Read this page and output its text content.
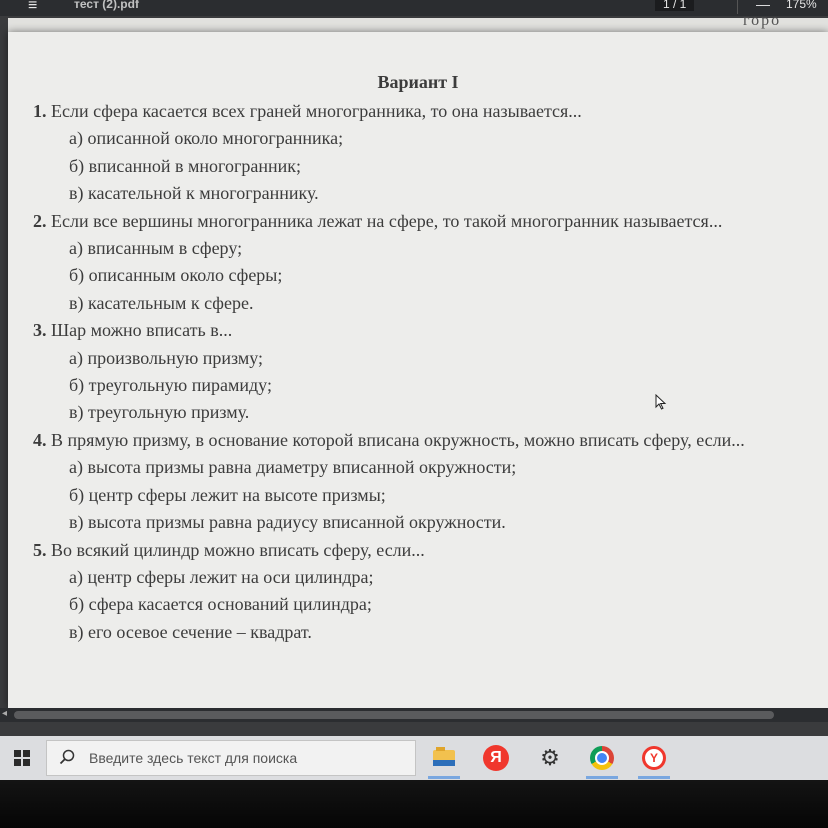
≡	тест (2).pdf	1 / 1	— 175%
горо
Вариант I
1. Если сфера касается всех граней многогранника, то она называется...
а) описанной около многогранника;
б) вписанной в многогранник;
в) касательной к многограннику.
2. Если все вершины многогранника лежат на сфере, то такой многогранник называется...
а) вписанным в сферу;
б) описанным около сферы;
в) касательным к сфере.
3. Шар можно вписать в...
а) произвольную призму;
б) треугольную пирамиду;
в) треугольную призму.
4. В прямую призму, в основание которой вписана окружность, можно вписать сферу, если...
а) высота призмы равна диаметру вписанной окружности;
б) центр сферы лежит на высоте призмы;
в) высота призмы равна радиусу вписанной окружности.
5. Во всякий цилиндр можно вписать сферу, если...
а) центр сферы лежит на оси цилиндра;
б) сфера касается оснований цилиндра;
в) его осевое сечение – квадрат.
◂
Введите здесь текст для поиска	Я	⚙	Y
